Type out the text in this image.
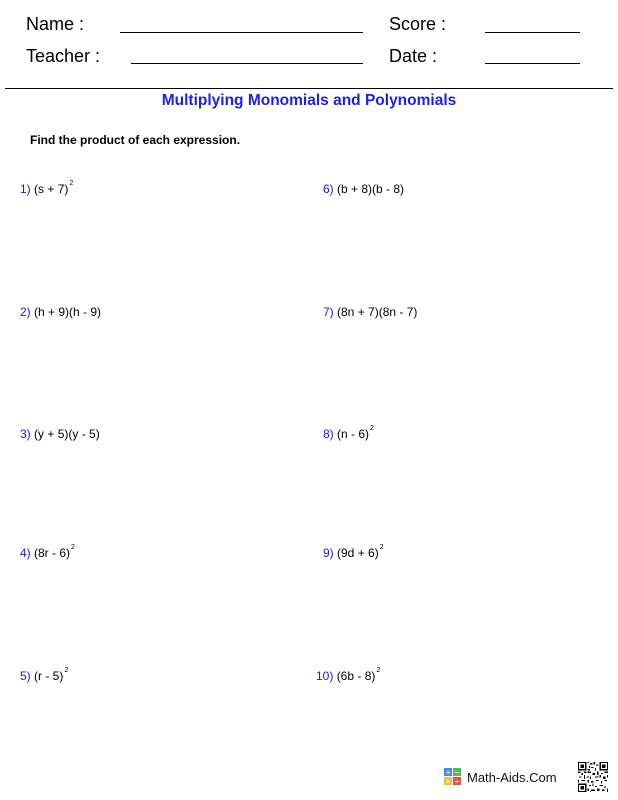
Name :
Teacher :
Score :
Date :
Multiplying Monomials and Polynomials
Find the product of each expression.
1) $(s + 7)^2$
2) (h + 9)(h - 9)
3) (y + 5)(y - 5)
4) (8r - 6)$^2$
5) (r - 5)$^2$
6) (b + 8)(b - 8)
7) (8n + 7)(8n - 7)
8) (n - 6)$^2$
9) $(9d + 6)^2$
10) (6b - 8)$^2$
+ −
× ÷ Math-Aids.Com
